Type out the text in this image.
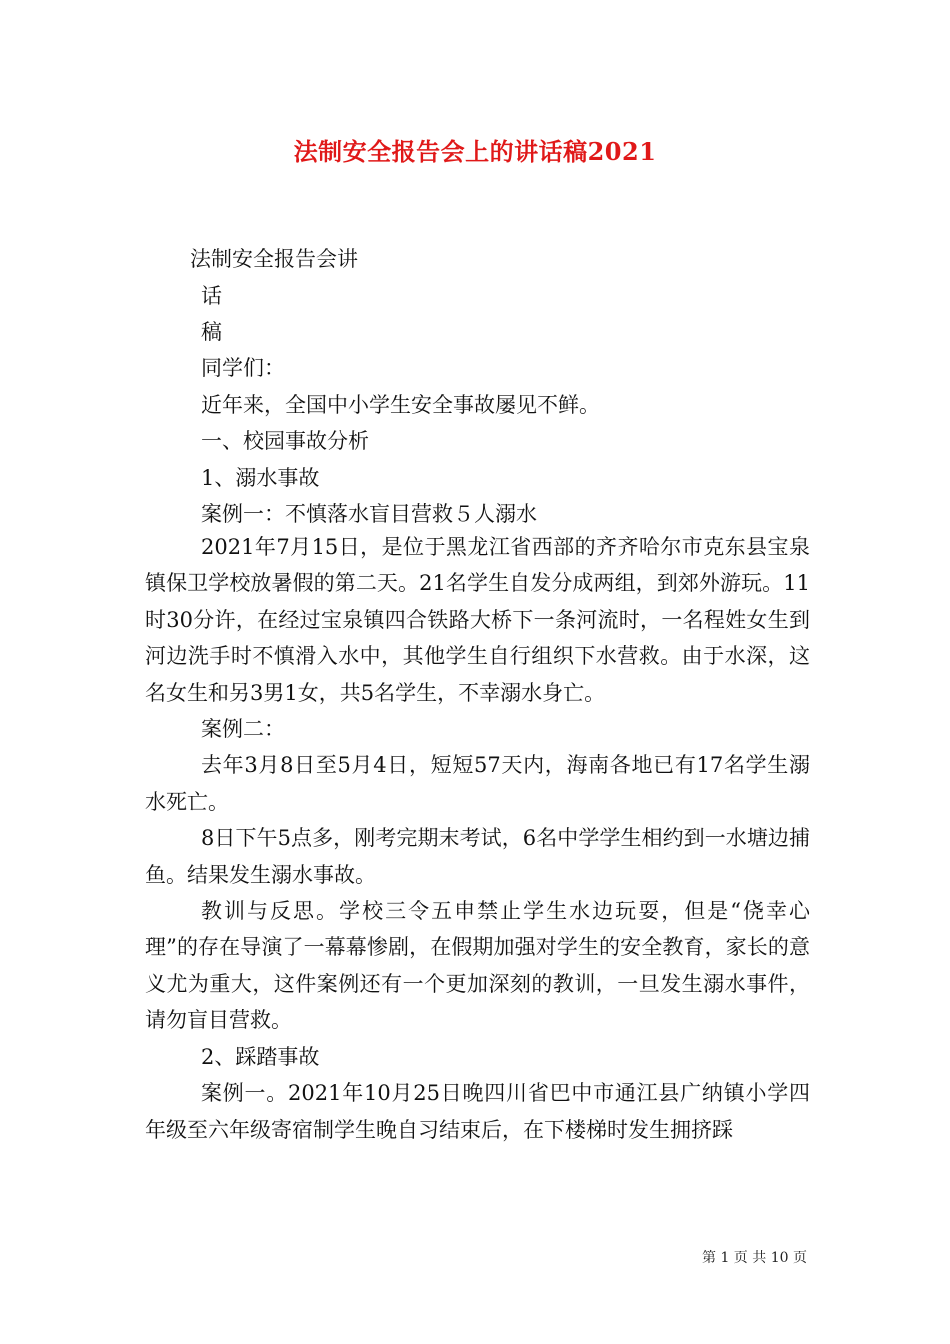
法制安全报告会上的讲话稿2021
法制安全报告会讲
话
稿
同学们：
近年来，全国中小学生安全事故屡见不鲜。
一、校园事故分析
1、溺水事故
案例一：不慎落水盲目营救５人溺水

2021年7月15日，是位于黑龙江省西部的齐齐哈尔市克东县宝泉镇保卫学校放暑假的第二天。21名学生自发分成两组，到郊外游玩。11时30分许，在经过宝泉镇四合铁路大桥下一条河流时，一名程姓女生到河边洗手时不慎滑入水中，其他学生自行组织下水营救。由于水深，这名女生和另3男1女，共5名学生，不幸溺水身亡。

案例二：

去年3月8日至5月4日，短短57天内，海南各地已有17名学生溺水死亡。

8日下午5点多，刚考完期末考试，6名中学学生相约到一水塘边捕鱼。结果发生溺水事故。

教训与反思。学校三令五申禁止学生水边玩耍，但是“侥幸心理”的存在导演了一幕幕惨剧，在假期加强对学生的安全教育，家长的意义尤为重大，这件案例还有一个更加深刻的教训，一旦发生溺水事件，请勿盲目营救。

2、踩踏事故

案例一。2021年10月25日晚四川省巴中市通江县广纳镇小学四年级至六年级寄宿制学生晚自习结束后，在下楼梯时发生拥挤踩

第 1 页 共 10 页
